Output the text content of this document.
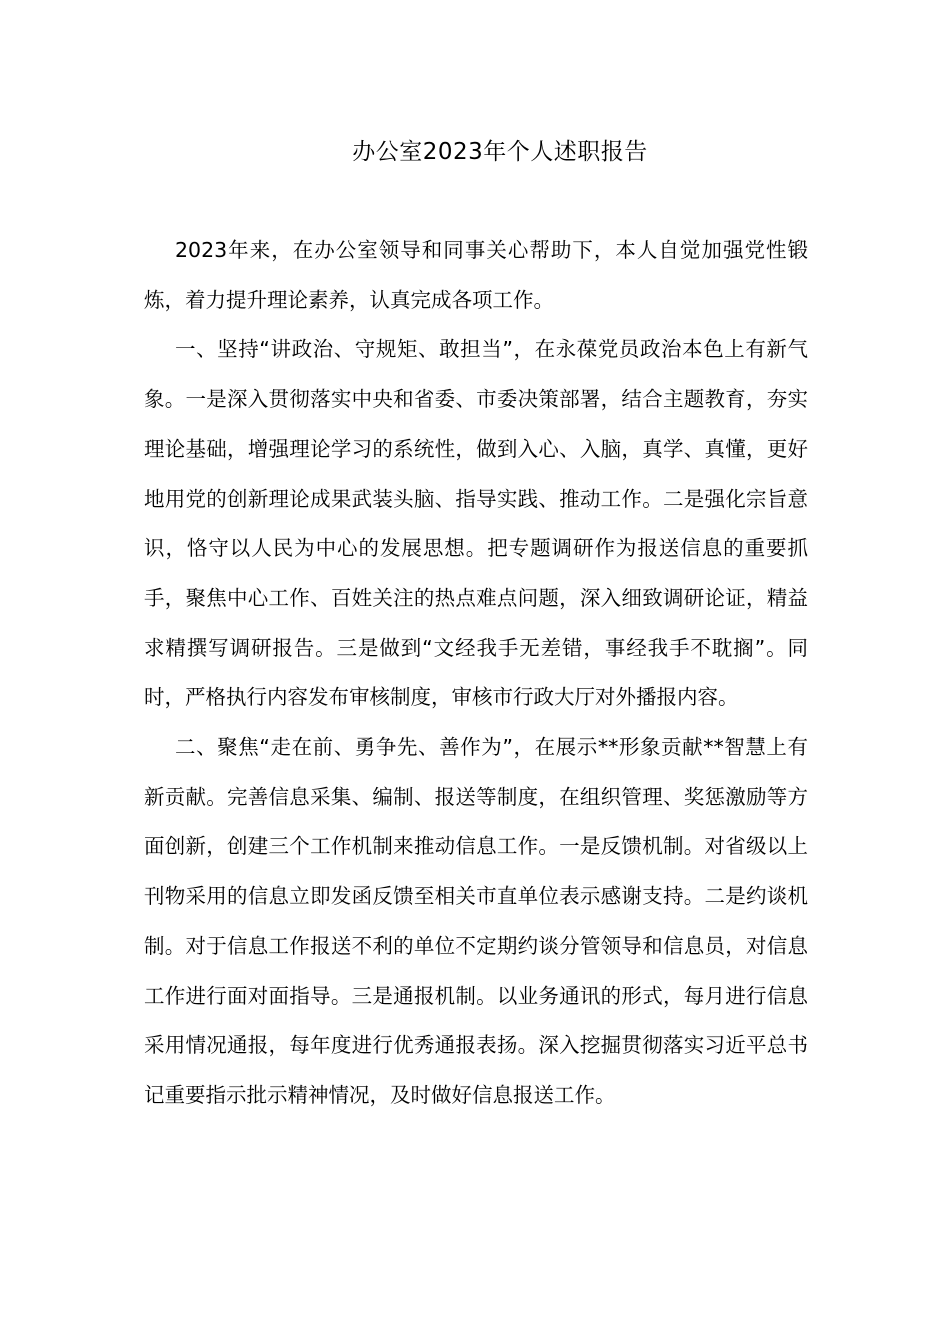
办公室2023年个人述职报告

2023年来，在办公室领导和同事关心帮助下，本人自觉加强党性锻炼，着力提升理论素养，认真完成各项工作。

一、坚持“讲政治、守规矩、敢担当”，在永葆党员政治本色上有新气象。一是深入贯彻落实中央和省委、市委决策部署，结合主题教育，夯实理论基础，增强理论学习的系统性，做到入心、入脑，真学、真懂，更好地用党的创新理论成果武装头脑、指导实践、推动工作。二是强化宗旨意识，恪守以人民为中心的发展思想。把专题调研作为报送信息的重要抓手，聚焦中心工作、百姓关注的热点难点问题，深入细致调研论证，精益求精撰写调研报告。三是做到“文经我手无差错，事经我手不耽搁”。同时，严格执行内容发布审核制度，审核市行政大厅对外播报内容。

二、聚焦“走在前、勇争先、善作为”，在展示**形象贡献**智慧上有新贡献。完善信息采集、编制、报送等制度，在组织管理、奖惩激励等方面创新，创建三个工作机制来推动信息工作。一是反馈机制。对省级以上刊物采用的信息立即发函反馈至相关市直单位表示感谢支持。二是约谈机制。对于信息工作报送不利的单位不定期约谈分管领导和信息员，对信息工作进行面对面指导。三是通报机制。以业务通讯的形式，每月进行信息采用情况通报，每年度进行优秀通报表扬。深入挖掘贯彻落实习近平总书记重要指示批示精神情况，及时做好信息报送工作。
